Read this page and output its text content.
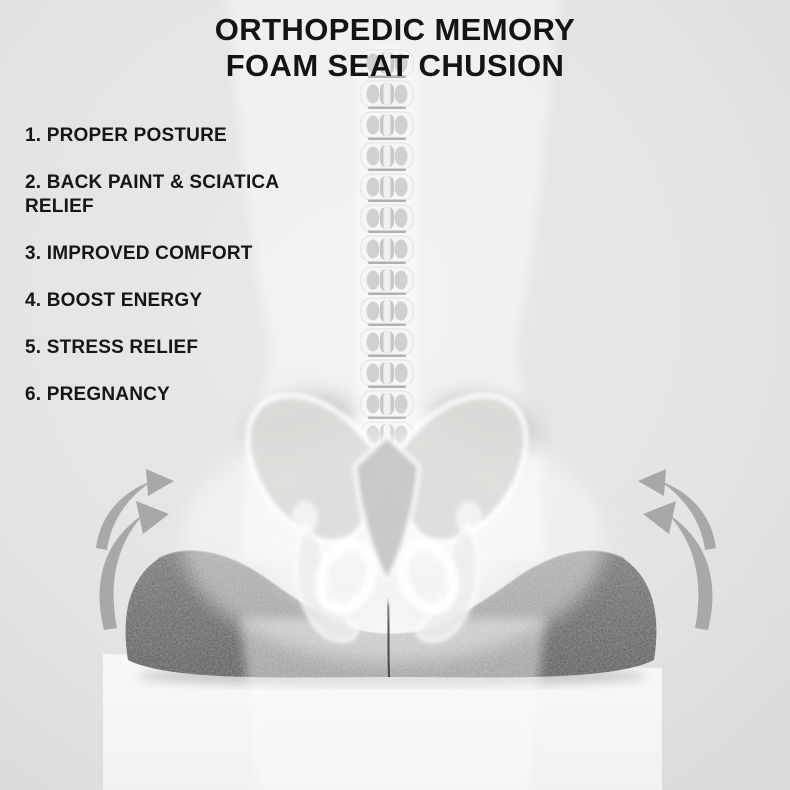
ORTHOPEDIC MEMORY
FOAM SEAT CHUSION
1. PROPER POSTURE
2. BACK PAINT & SCIATICA RELIEF
3. IMPROVED COMFORT
4. BOOST ENERGY
5. STRESS RELIEF
6. PREGNANCY
